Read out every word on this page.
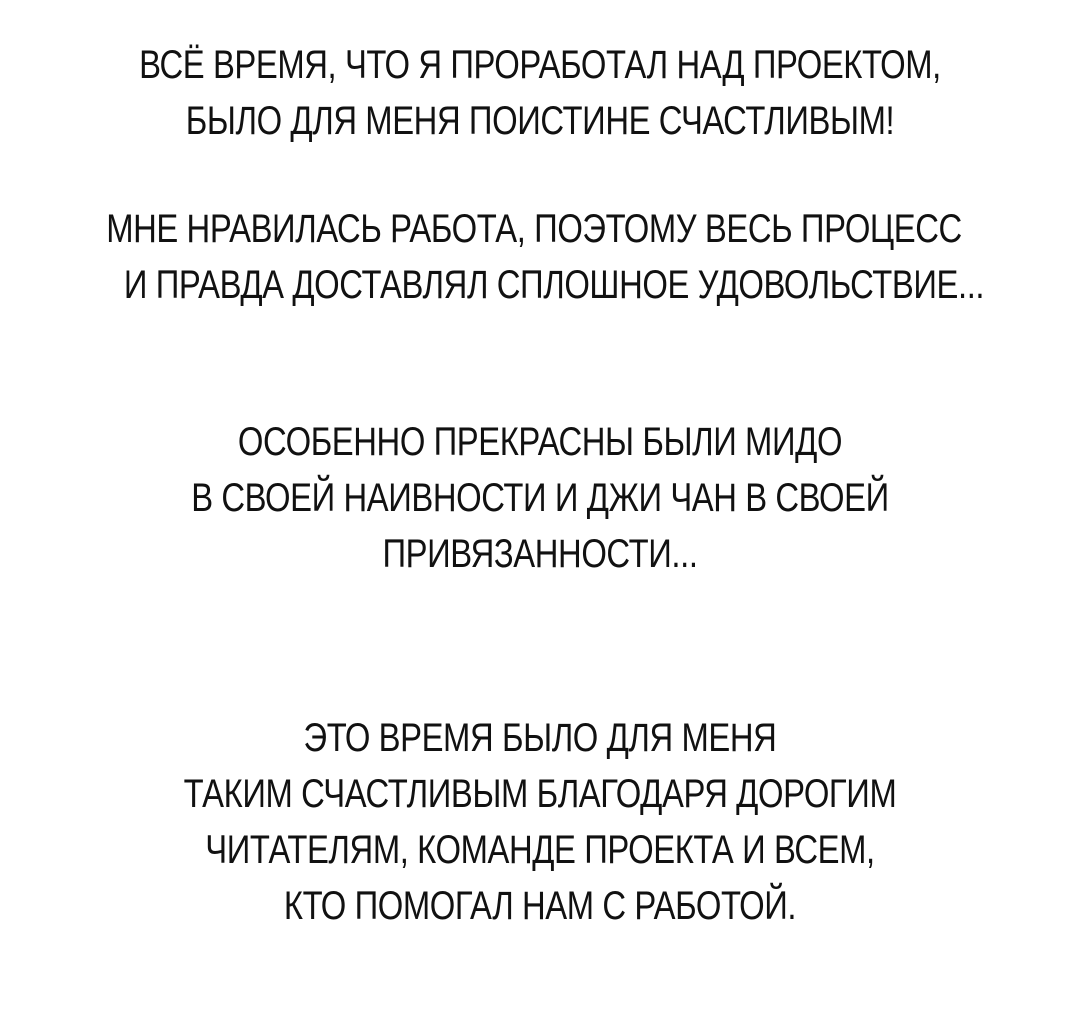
ВСЁ ВРЕМЯ, ЧТО Я ПРОРАБОТАЛ НАД ПРОЕКТОМ,
БЫЛО ДЛЯ МЕНЯ ПОИСТИНЕ СЧАСТЛИВЫМ!

МНЕ НРАВИЛАСЬ РАБОТА, ПОЭТОМУ ВЕСЬ ПРОЦЕСС
И ПРАВДА ДОСТАВЛЯЛ СПЛОШНОЕ УДОВОЛЬСТВИЕ...

ОСОБЕННО ПРЕКРАСНЫ БЫЛИ МИДО
В СВОЕЙ НАИВНОСТИ И ДЖИ ЧАН В СВОЕЙ
ПРИВЯЗАННОСТИ...

ЭТО ВРЕМЯ БЫЛО ДЛЯ МЕНЯ
ТАКИМ СЧАСТЛИВЫМ БЛАГОДАРЯ ДОРОГИМ
ЧИТАТЕЛЯМ, КОМАНДЕ ПРОЕКТА И ВСЕМ,
КТО ПОМОГАЛ НАМ С РАБОТОЙ.
